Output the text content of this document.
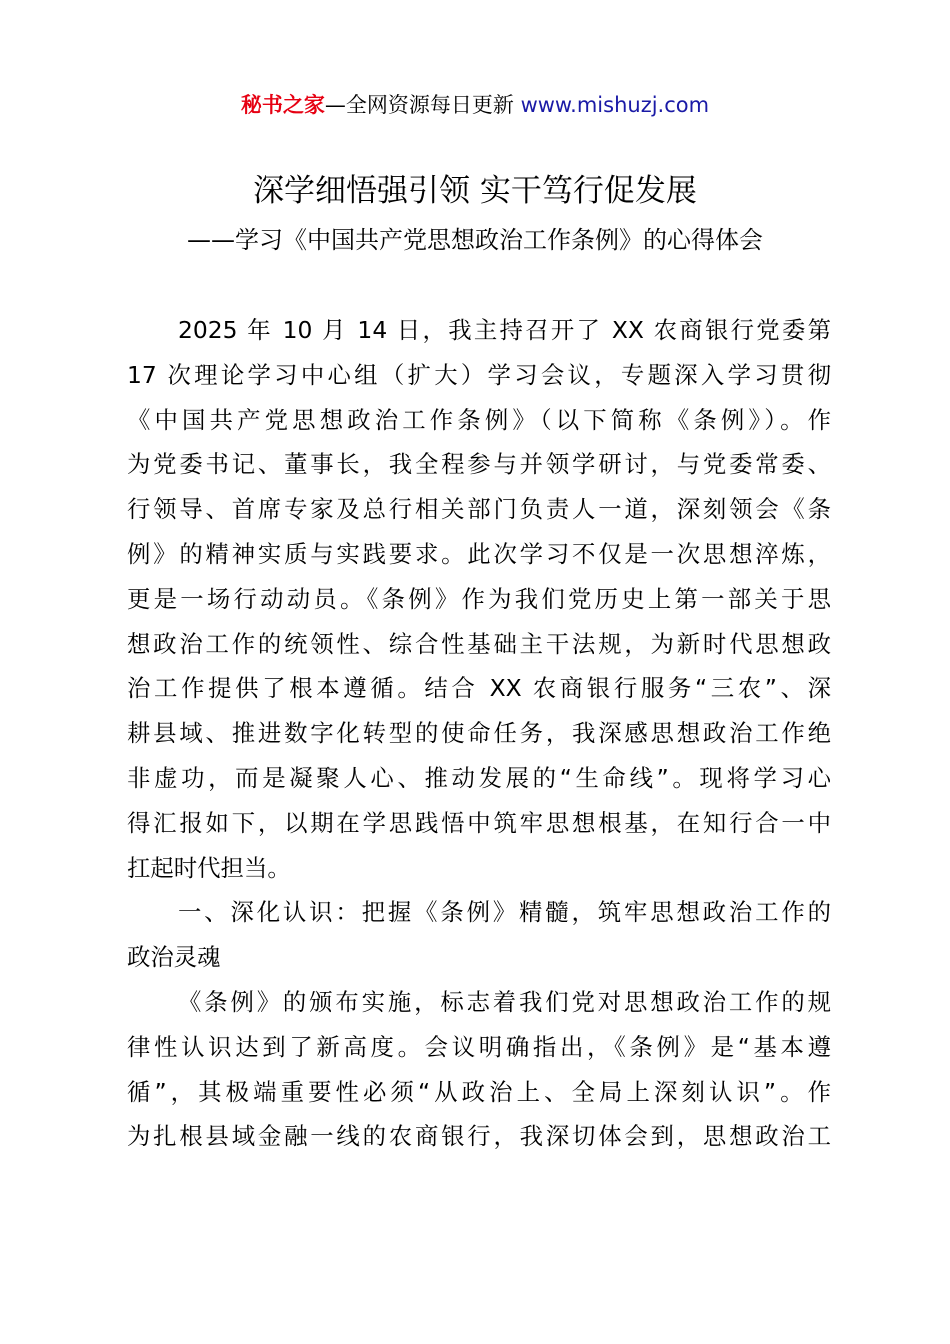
秘书之家—全网资源每日更新 www.mishuzj.com
深学细悟强引领 实干笃行促发展
——学习《中国共产党思想政治工作条例》的心得体会
2025 年 10 月 14 日，我主持召开了 XX 农商银行党委第
17 次理论学习中心组（扩大）学习会议，专题深入学习贯彻
《中国共产党思想政治工作条例》（以下简称《条例》）。作
为党委书记、董事长，我全程参与并领学研讨，与党委常委、
行领导、首席专家及总行相关部门负责人一道，深刻领会《条
例》的精神实质与实践要求。此次学习不仅是一次思想淬炼，
更是一场行动动员。《条例》作为我们党历史上第一部关于思
想政治工作的统领性、综合性基础主干法规，为新时代思想政
治工作提供了根本遵循。结合 XX 农商银行服务“三农”、深
耕县域、推进数字化转型的使命任务，我深感思想政治工作绝
非虚功，而是凝聚人心、推动发展的“生命线”。现将学习心
得汇报如下，以期在学思践悟中筑牢思想根基，在知行合一中
扛起时代担当。
一、深化认识：把握《条例》精髓，筑牢思想政治工作的
政治灵魂
《条例》的颁布实施，标志着我们党对思想政治工作的规
律性认识达到了新高度。会议明确指出，《条例》是“基本遵
循”，其极端重要性必须“从政治上、全局上深刻认识”。作
为扎根县域金融一线的农商银行，我深切体会到，思想政治工
